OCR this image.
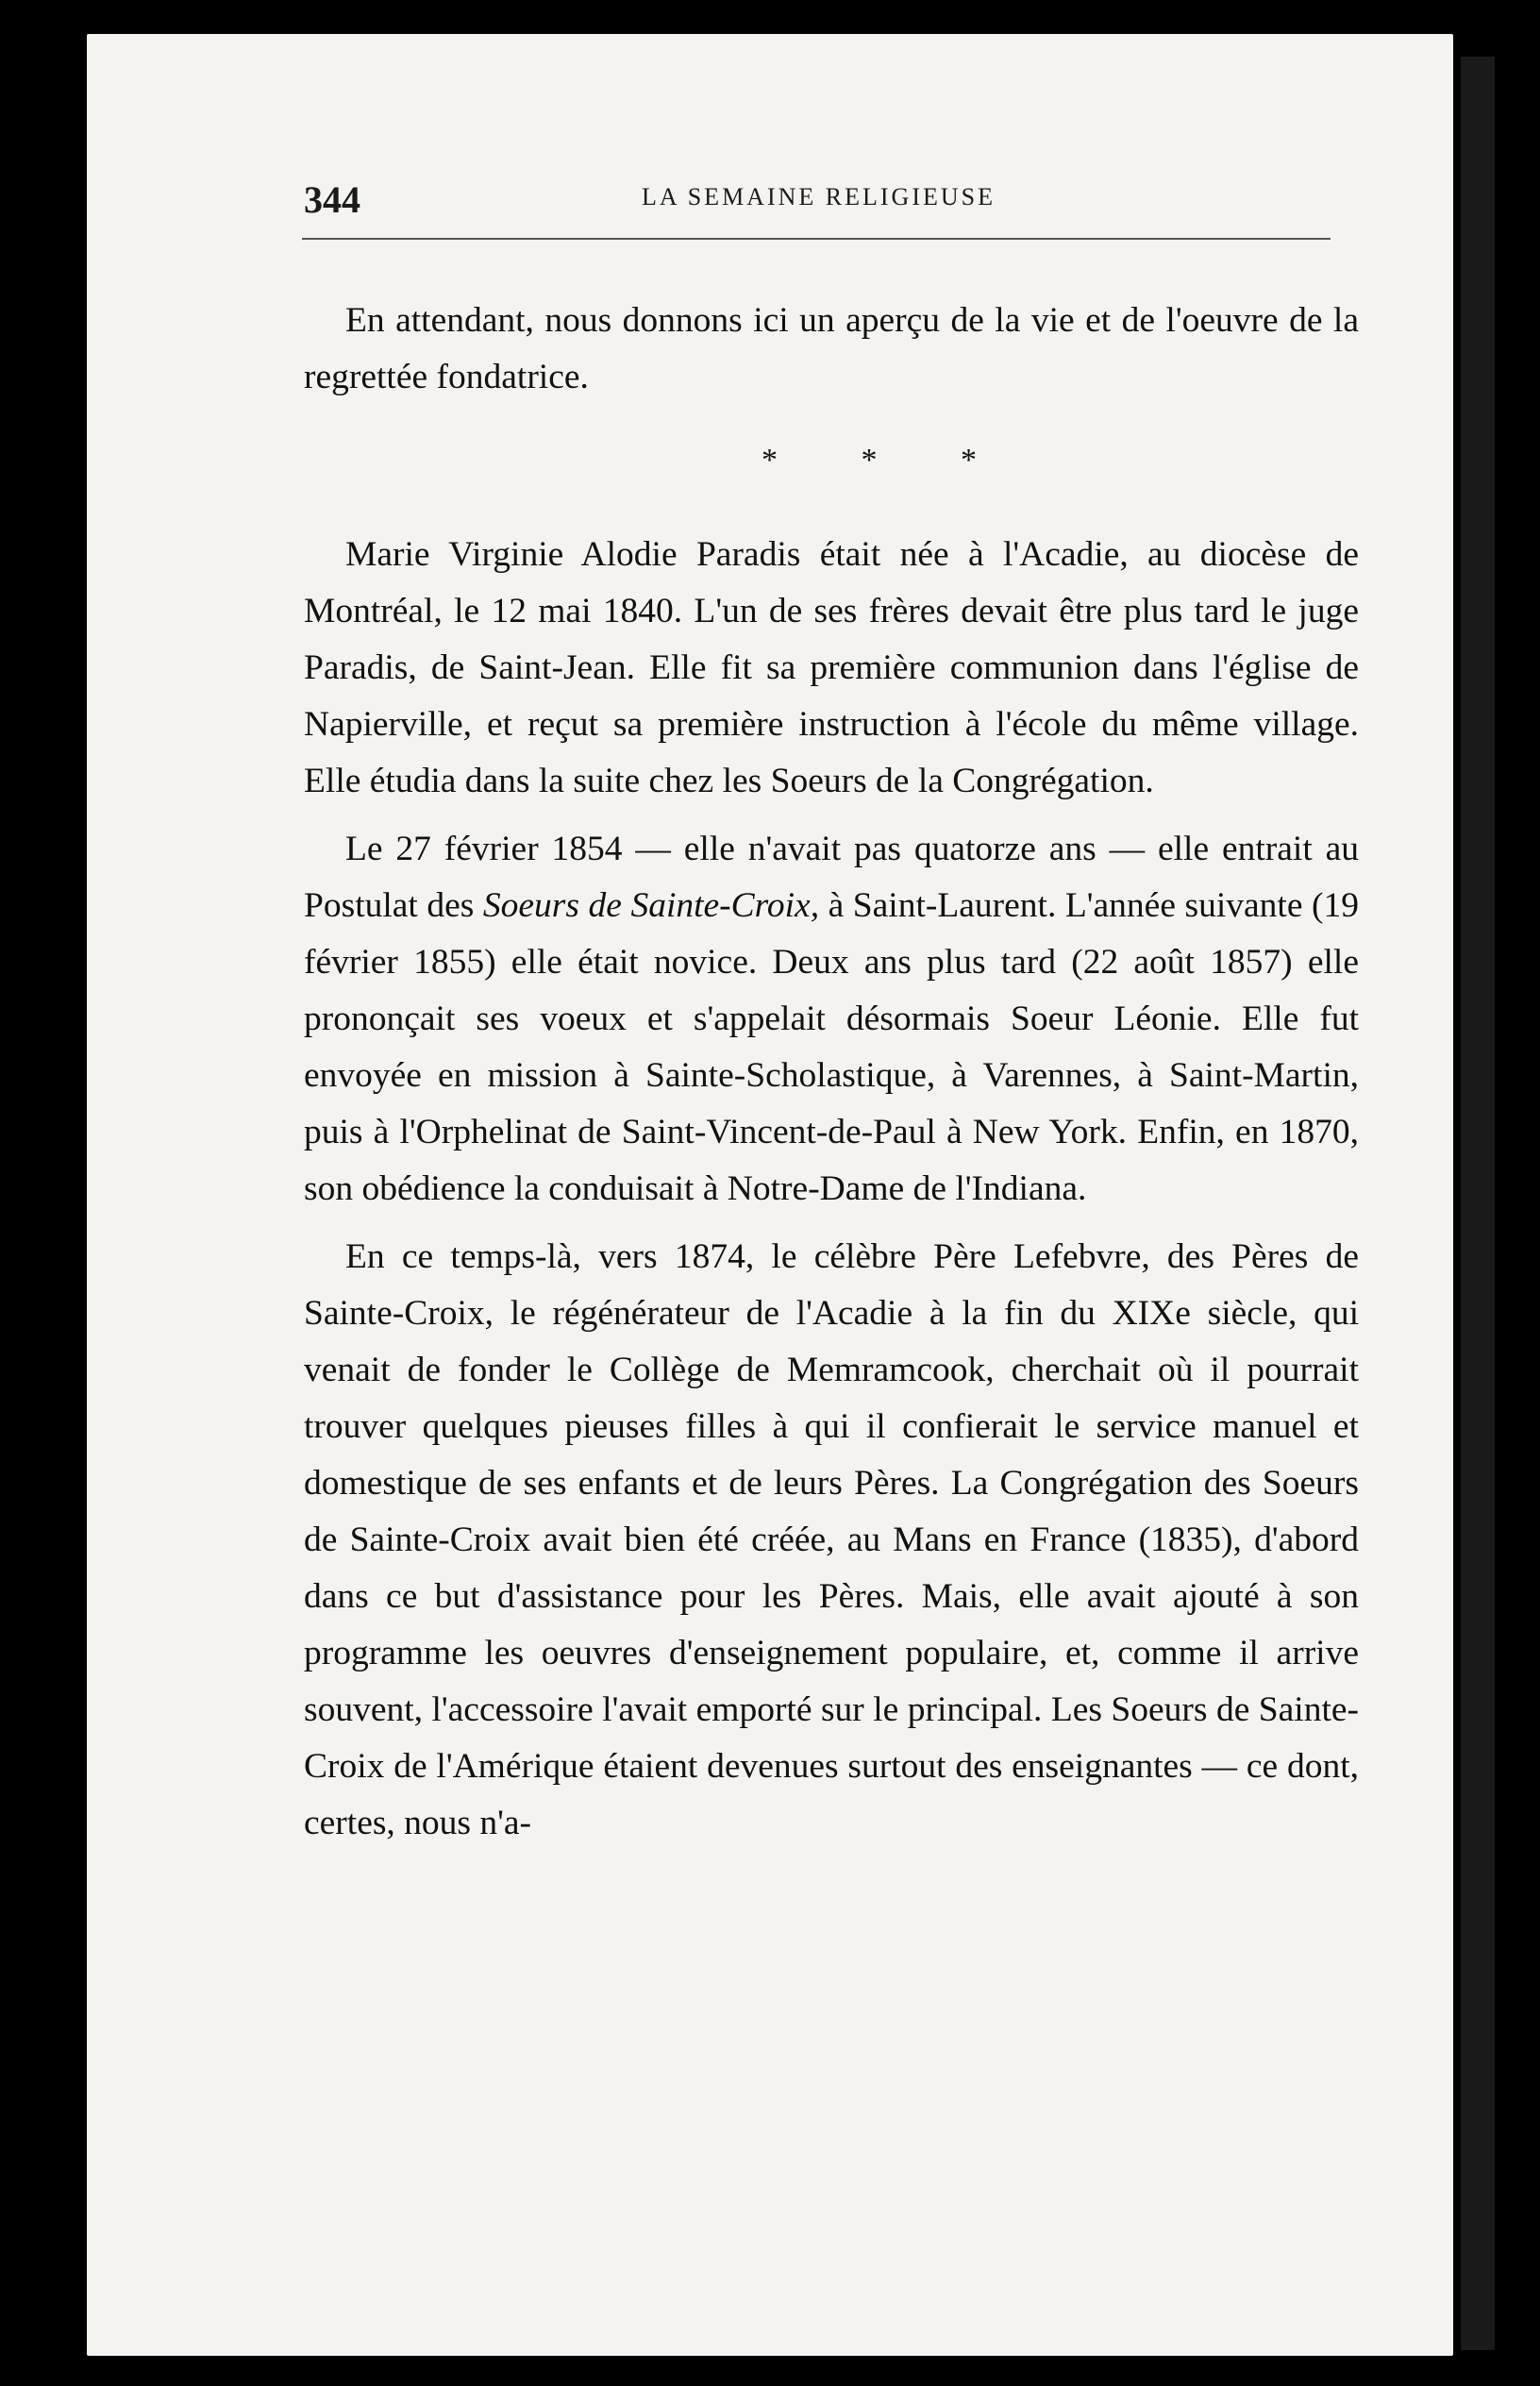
344	LA SEMAINE RELIGIEUSE

En attendant, nous donnons ici un aperçu de la vie et de l'oeuvre de la regrettée fondatrice.

* * *

Marie Virginie Alodie Paradis était née à l'Acadie, au diocèse de Montréal, le 12 mai 1840. L'un de ses frères devait être plus tard le juge Paradis, de Saint-Jean. Elle fit sa première communion dans l'église de Napierville, et reçut sa première instruction à l'école du même village. Elle étudia dans la suite chez les Soeurs de la Congrégation.

Le 27 février 1854 — elle n'avait pas quatorze ans — elle entrait au Postulat des Soeurs de Sainte-Croix, à Saint-Laurent. L'année suivante (19 février 1855) elle était novice. Deux ans plus tard (22 août 1857) elle prononçait ses voeux et s'appelait désormais Soeur Léonie. Elle fut envoyée en mission à Sainte-Scholastique, à Varennes, à Saint-Martin, puis à l'Orphelinat de Saint-Vincent-de-Paul à New York. Enfin, en 1870, son obédience la conduisait à Notre-Dame de l'Indiana.

En ce temps-là, vers 1874, le célèbre Père Lefebvre, des Pères de Sainte-Croix, le régénérateur de l'Acadie à la fin du XIXe siècle, qui venait de fonder le Collège de Memramcook, cherchait où il pourrait trouver quelques pieuses filles à qui il confierait le service manuel et domestique de ses enfants et de leurs Pères. La Congrégation des Soeurs de Sainte-Croix avait bien été créée, au Mans en France (1835), d'abord dans ce but d'assistance pour les Pères. Mais, elle avait ajouté à son programme les oeuvres d'enseignement populaire, et, comme il arrive souvent, l'accessoire l'avait emporté sur le principal. Les Soeurs de Sainte-Croix de l'Amérique étaient devenues surtout des enseignantes — ce dont, certes, nous n'a-
